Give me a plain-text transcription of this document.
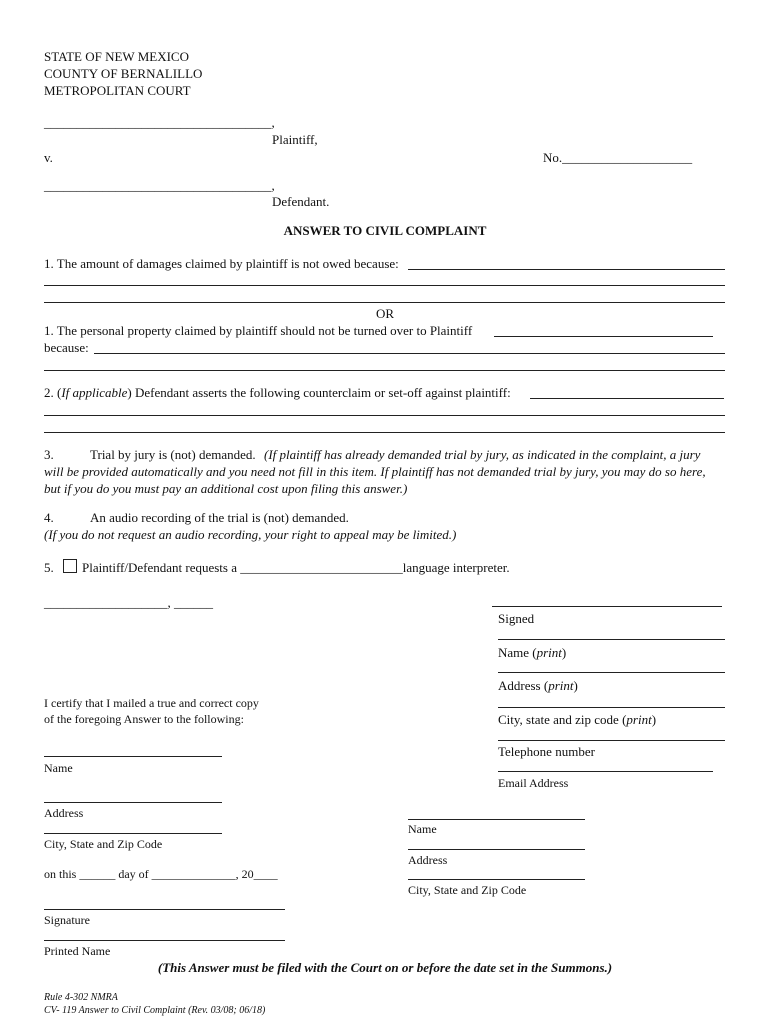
STATE OF NEW MEXICO
COUNTY OF BERNALILLO
METROPOLITAN COURT
___________________________________,
Plaintiff,
v.	No.____________________
___________________________________,
Defendant.
ANSWER TO CIVIL COMPLAINT
1. The amount of damages claimed by plaintiff is not owed because:
OR
1. The personal property claimed by plaintiff should not be turned over to Plaintiff
because:
2. (If applicable) Defendant asserts the following counterclaim or set-off against plaintiff:
3.	Trial by jury is (not) demanded. (If plaintiff has already demanded trial by jury, as indicated in the complaint, a jury
will be provided automatically and you need not fill in this item. If plaintiff has not demanded trial by jury, you may do so here,
but if you do you must pay an additional cost upon filing this answer.)
4.	An audio recording of the trial is (not) demanded.
(If you do not request an audio recording, your right to appeal may be limited.)
5. Plaintiff/Defendant requests a _________________________language interpreter.
___________________, ______
Signed
Name (print)
Address (print)
City, state and zip code (print)
Telephone number
Email Address
I certify that I mailed a true and correct copy
of the foregoing Answer to the following:
Name
Address
City, State and Zip Code
Name
Address
City, State and Zip Code
on this ______ day of ______________, 20____
Signature
Printed Name
(This Answer must be filed with the Court on or before the date set in the Summons.)
Rule 4-302 NMRA
CV- 119 Answer to Civil Complaint (Rev. 03/08; 06/18)
